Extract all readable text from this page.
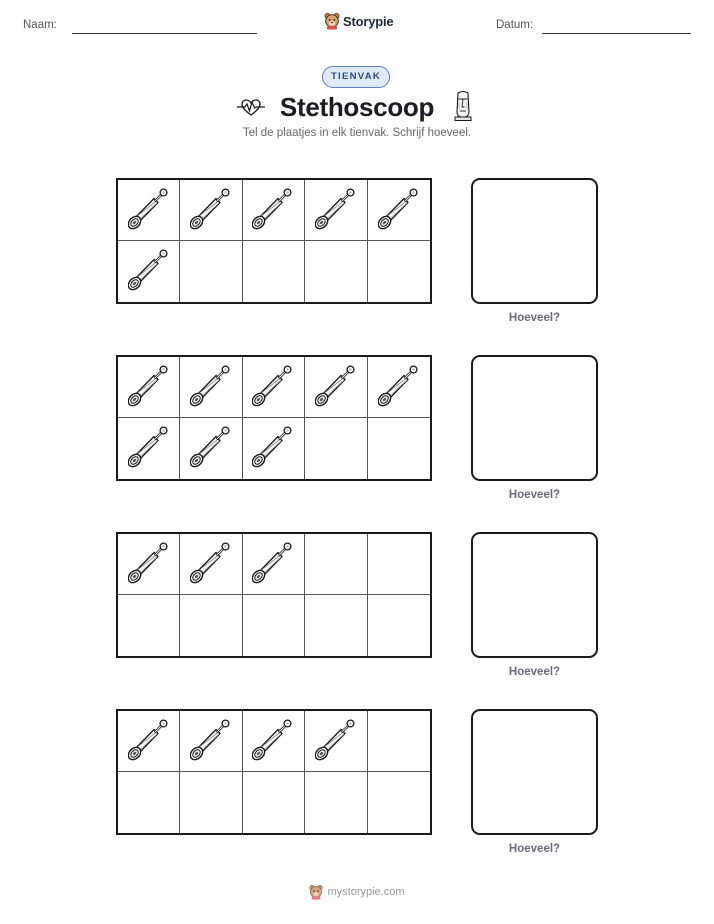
Naam:	Storypie	Datum:
TIENVAK
Stethoscoop
Tel de plaatjes in elk tienvak. Schrijf hoeveel.
Hoeveel?
Hoeveel?
Hoeveel?
Hoeveel?
mystorypie.com
